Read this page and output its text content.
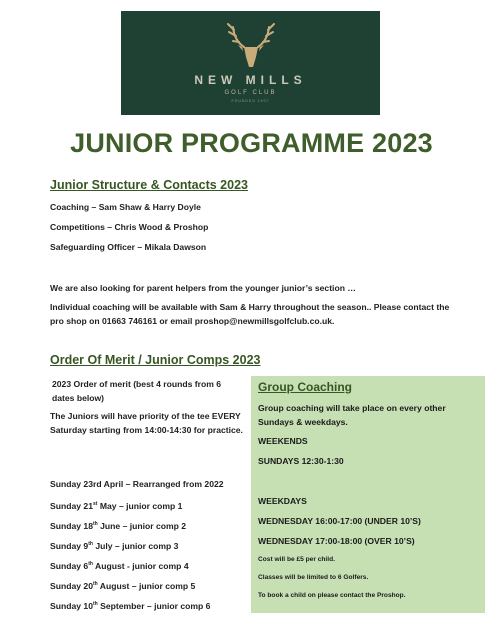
NEW MILLS
GOLF CLUB
FOUNDED 1907
JUNIOR PROGRAMME 2023
Junior Structure & Contacts 2023
Coaching – Sam Shaw & Harry Doyle
Competitions – Chris Wood & Proshop
Safeguarding Officer – Mikala Dawson
We are also looking for parent helpers from the younger junior’s section …
Individual coaching will be available with Sam & Harry throughout the season.. Please contact the pro shop on 01663 746161 or email proshop@newmillsgolfclub.co.uk.
Order Of Merit / Junior Comps 2023
2023 Order of merit (best 4 rounds from 6 dates below)
The Juniors will have priority of the tee EVERY Saturday starting from 14:00-14:30 for practice.
Sunday 23rd April – Rearranged from 2022
Sunday 21st May – junior comp 1
Sunday 18th June – junior comp 2
Sunday 9th July – junior comp 3
Sunday 6th August - junior comp 4
Sunday 20th August – junior comp 5
Sunday 10th September – junior comp 6
Group Coaching
Group coaching will take place on every other Sundays & weekdays.
WEEKENDS
SUNDAYS 12:30-1:30
WEEKDAYS
WEDNESDAY 16:00-17:00 (UNDER 10’S)
WEDNESDAY 17:00-18:00 (OVER 10’S)
Cost will be £5 per child.
Classes will be limited to 6 Golfers.
To book a child on please contact the Proshop.
